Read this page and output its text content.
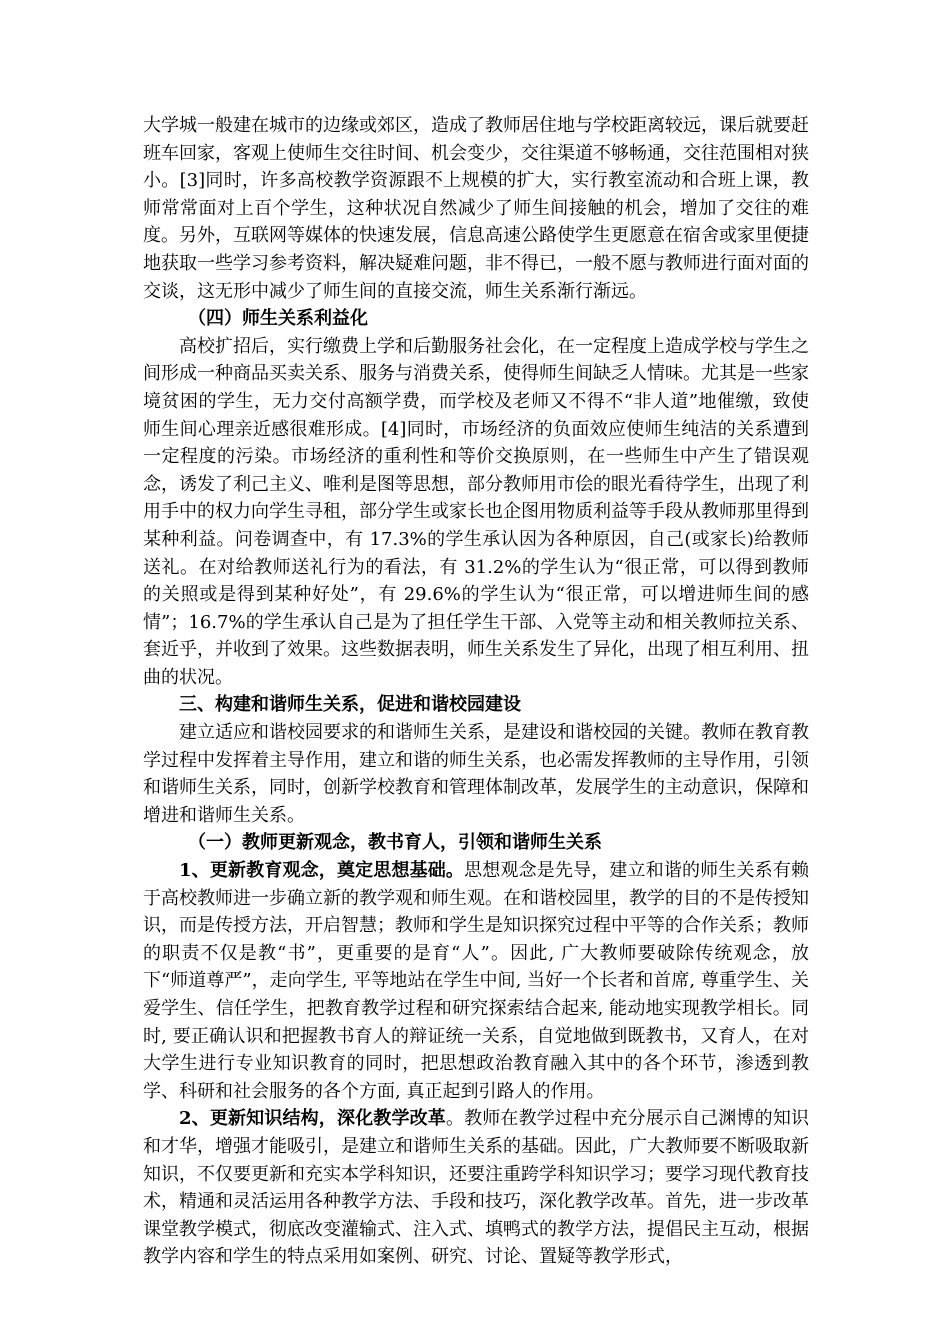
大学城一般建在城市的边缘或郊区，造成了教师居住地与学校距离较远，课后就要赶班车回家，客观上使师生交往时间、机会变少，交往渠道不够畅通，交往范围相对狭小。[3]同时，许多高校教学资源跟不上规模的扩大，实行教室流动和合班上课，教师常常面对上百个学生，这种状况自然减少了师生间接触的机会，增加了交往的难度。另外，互联网等媒体的快速发展，信息高速公路使学生更愿意在宿舍或家里便捷地获取一些学习参考资料，解决疑难问题，非不得已，一般不愿与教师进行面对面的交谈，这无形中减少了师生间的直接交流，师生关系渐行渐远。

（四）师生关系利益化

高校扩招后，实行缴费上学和后勤服务社会化，在一定程度上造成学校与学生之间形成一种商品买卖关系、服务与消费关系，使得师生间缺乏人情味。尤其是一些家境贫困的学生，无力交付高额学费，而学校及老师又不得不“非人道”地催缴，致使师生间心理亲近感很难形成。[4]同时，市场经济的负面效应使师生纯洁的关系遭到一定程度的污染。市场经济的重利性和等价交换原则，在一些师生中产生了错误观念，诱发了利己主义、唯利是图等思想，部分教师用市侩的眼光看待学生，出现了利用手中的权力向学生寻租，部分学生或家长也企图用物质利益等手段从教师那里得到某种利益。问卷调查中，有 17.3%的学生承认因为各种原因，自己(或家长)给教师送礼。在对给教师送礼行为的看法，有 31.2%的学生认为“很正常，可以得到教师的关照或是得到某种好处”，有 29.6%的学生认为“很正常，可以增进师生间的感情”；16.7%的学生承认自己是为了担任学生干部、入党等主动和相关教师拉关系、套近乎，并收到了效果。这些数据表明，师生关系发生了异化，出现了相互利用、扭曲的状况。

三、构建和谐师生关系，促进和谐校园建设

建立适应和谐校园要求的和谐师生关系，是建设和谐校园的关键。教师在教育教学过程中发挥着主导作用，建立和谐的师生关系，也必需发挥教师的主导作用，引领和谐师生关系，同时，创新学校教育和管理体制改革，发展学生的主动意识，保障和增进和谐师生关系。

（一）教师更新观念，教书育人，引领和谐师生关系

1、更新教育观念，奠定思想基础。思想观念是先导，建立和谐的师生关系有赖于高校教师进一步确立新的教学观和师生观。在和谐校园里，教学的目的不是传授知识，而是传授方法，开启智慧；教师和学生是知识探究过程中平等的合作关系；教师的职责不仅是教“书”，更重要的是育“人”。因此, 广大教师要破除传统观念，放下“师道尊严”，走向学生, 平等地站在学生中间, 当好一个长者和首席, 尊重学生、关爱学生、信任学生，把教育教学过程和研究探索结合起来, 能动地实现教学相长。同时, 要正确认识和把握教书育人的辩证统一关系，自觉地做到既教书，又育人，在对大学生进行专业知识教育的同时，把思想政治教育融入其中的各个环节，渗透到教学、科研和社会服务的各个方面, 真正起到引路人的作用。

2、更新知识结构，深化教学改革。教师在教学过程中充分展示自己渊博的知识和才华，增强才能吸引，是建立和谐师生关系的基础。因此，广大教师要不断吸取新知识，不仅要更新和充实本学科知识，还要注重跨学科知识学习；要学习现代教育技术，精通和灵活运用各种教学方法、手段和技巧，深化教学改革。首先，进一步改革课堂教学模式，彻底改变灌输式、注入式、填鸭式的教学方法，提倡民主互动，根据教学内容和学生的特点采用如案例、研究、讨论、置疑等教学形式，
